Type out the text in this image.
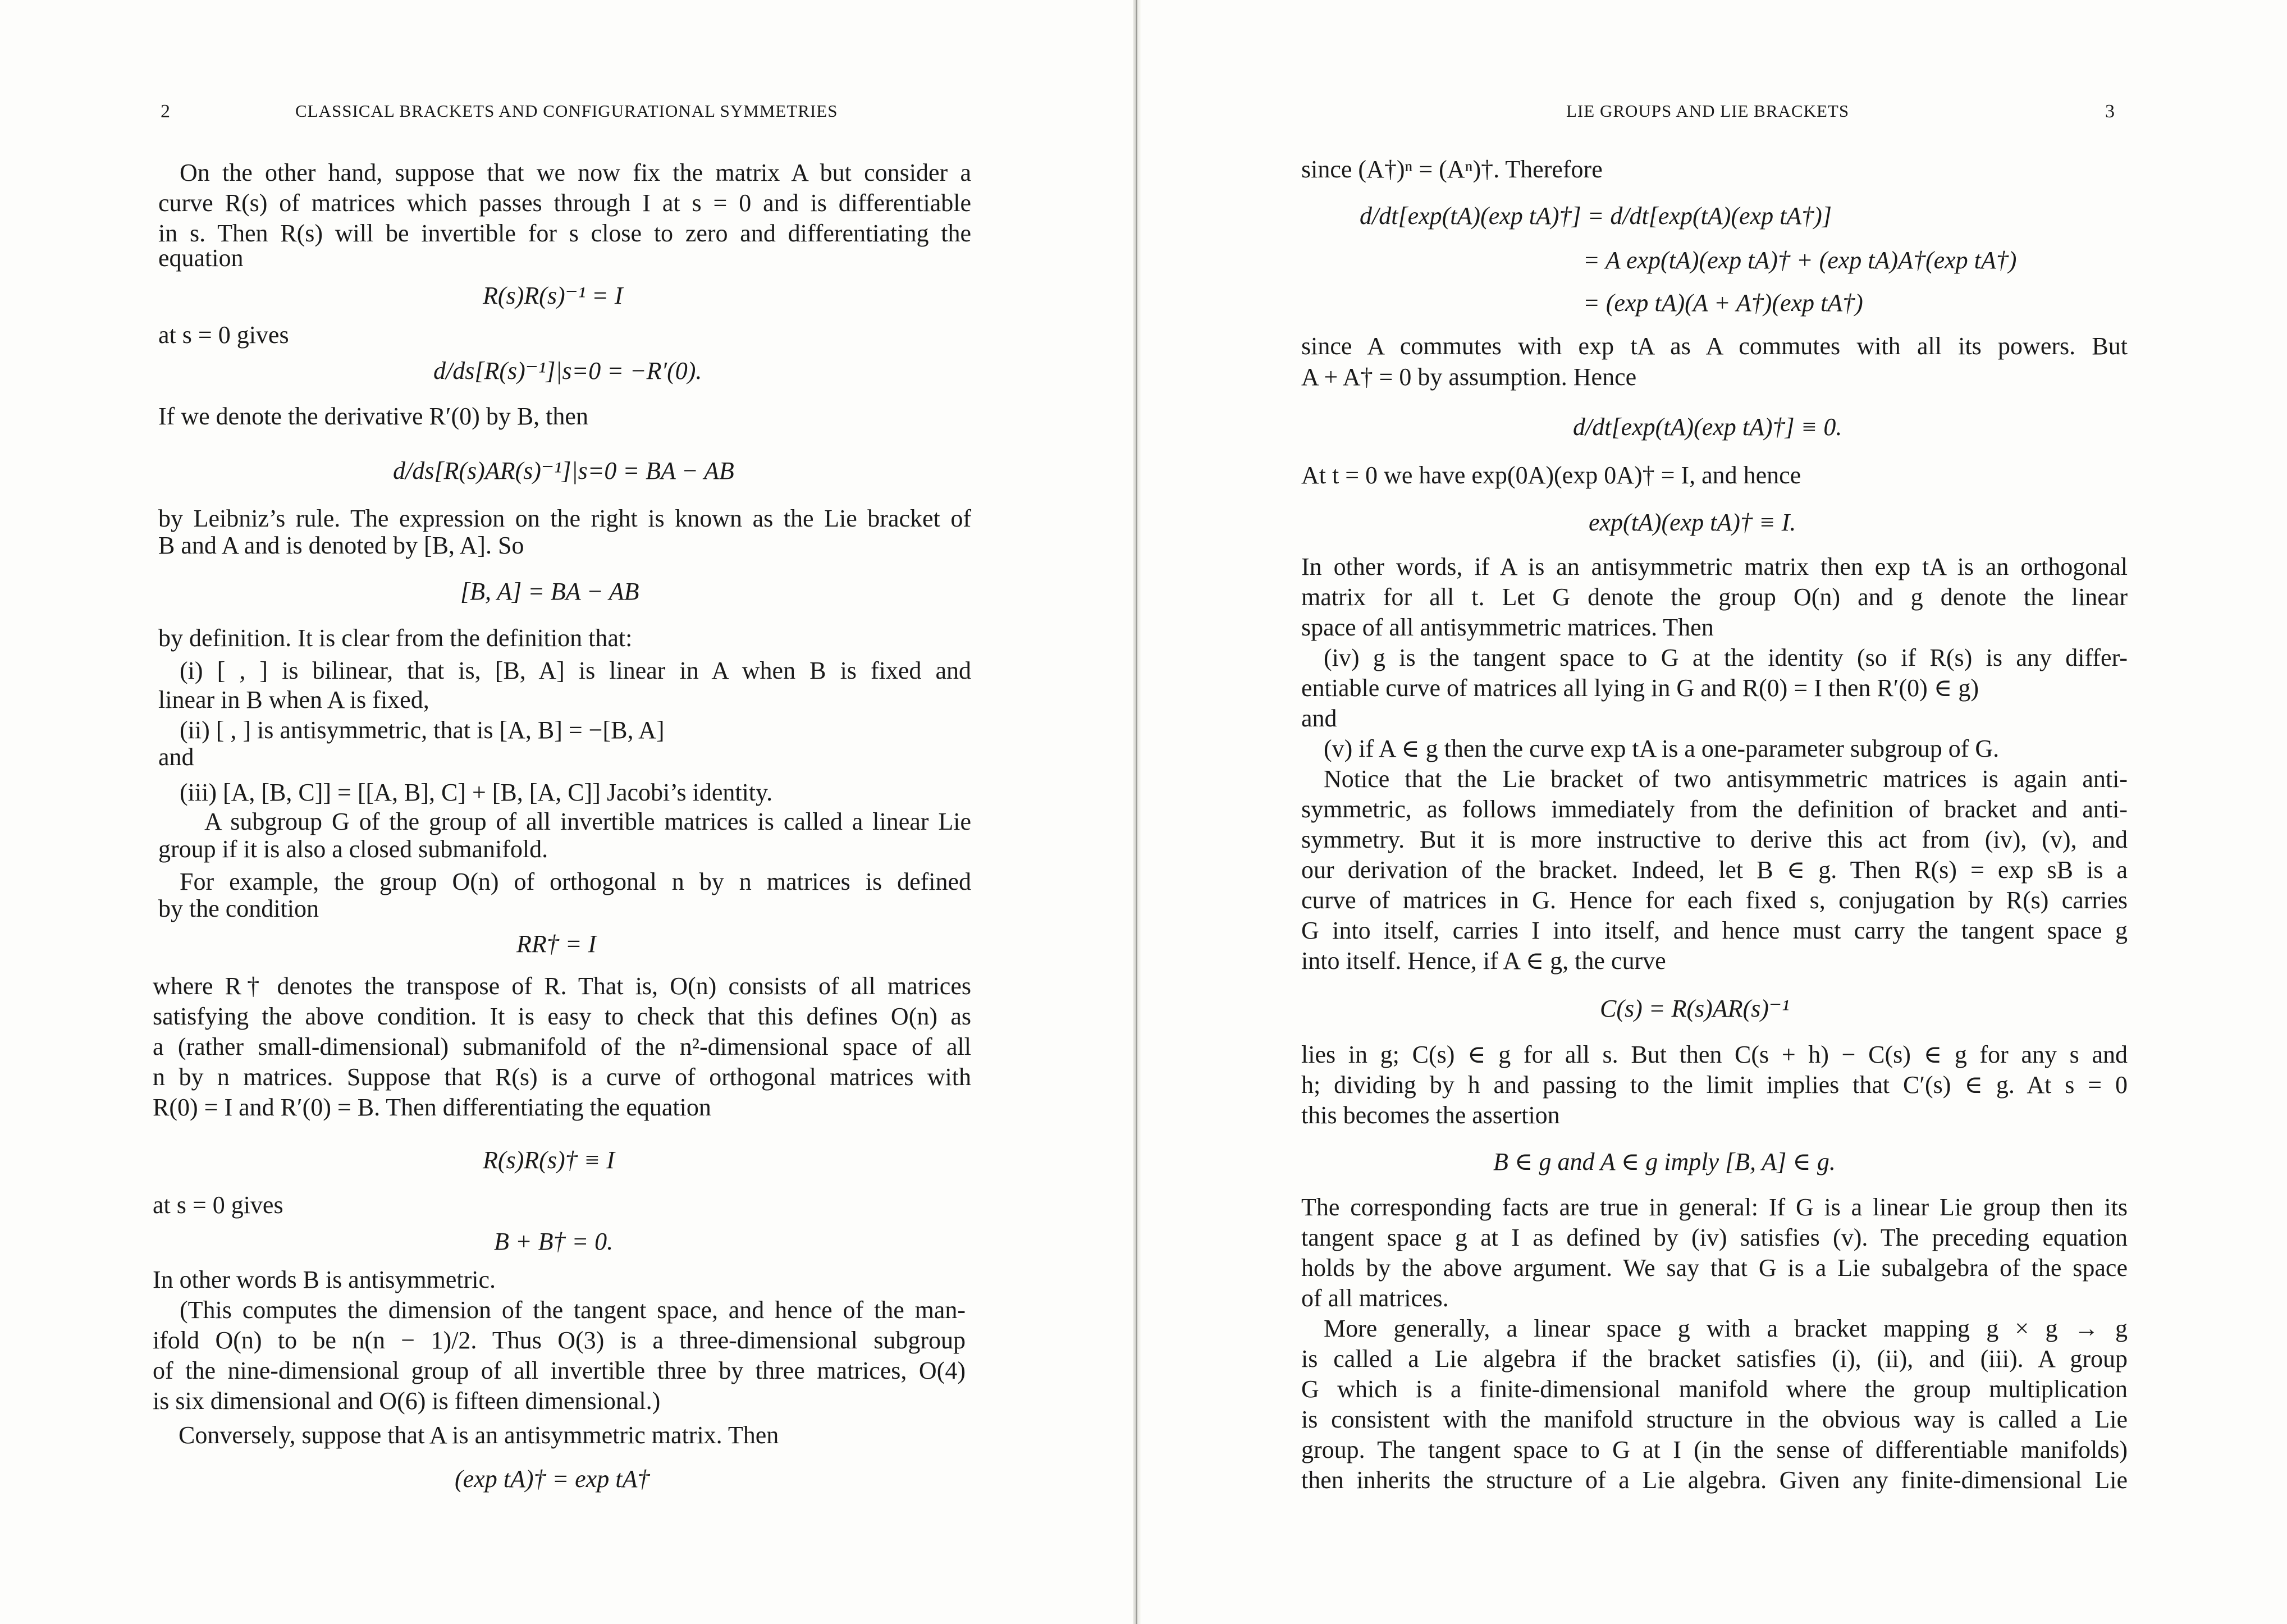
2	CLASSICAL BRACKETS AND CONFIGURATIONAL SYMMETRIES
On the other hand, suppose that we now fix the matrix A but consider a
curve R(s) of matrices which passes through I at s = 0 and is differentiable
in s. Then R(s) will be invertible for s close to zero and differentiating the
equation
R(s)R(s)⁻¹ = I
at s = 0 gives
d/ds[R(s)⁻¹]|s=0 = −R′(0).
If we denote the derivative R′(0) by B, then
d/ds[R(s)AR(s)⁻¹]|s=0 = BA − AB
by Leibniz’s rule. The expression on the right is known as the Lie bracket of
B and A and is denoted by [B, A]. So
[B, A] = BA − AB
by definition. It is clear from the definition that:
(i) [ , ] is bilinear, that is, [B, A] is linear in A when B is fixed and
linear in B when A is fixed,
(ii) [ , ] is antisymmetric, that is [A, B] = −[B, A]
and
(iii) [A, [B, C]] = [[A, B], C] + [B, [A, C]] Jacobi’s identity.
A subgroup G of the group of all invertible matrices is called a linear Lie
group if it is also a closed submanifold.
For example, the group O(n) of orthogonal n by n matrices is defined
by the condition
RR† = I
where R† denotes the transpose of R. That is, O(n) consists of all matrices
satisfying the above condition. It is easy to check that this defines O(n) as
a (rather small-dimensional) submanifold of the n²-dimensional space of all
n by n matrices. Suppose that R(s) is a curve of orthogonal matrices with
R(0) = I and R′(0) = B. Then differentiating the equation
R(s)R(s)† ≡ I
at s = 0 gives
B + B† = 0.
In other words B is antisymmetric.
(This computes the dimension of the tangent space, and hence of the man-
ifold O(n) to be n(n − 1)/2. Thus O(3) is a three-dimensional subgroup
of the nine-dimensional group of all invertible three by three matrices, O(4)
is six dimensional and O(6) is fifteen dimensional.)
Conversely, suppose that A is an antisymmetric matrix. Then
(exp tA)† = exp tA†
LIE GROUPS AND LIE BRACKETS	3
since (A†)ⁿ = (Aⁿ)†. Therefore
d/dt[exp(tA)(exp tA)†] = d/dt[exp(tA)(exp tA†)]
= A exp(tA)(exp tA)† + (exp tA)A†(exp tA†)
= (exp tA)(A + A†)(exp tA†)
since A commutes with exp tA as A commutes with all its powers. But
A + A† = 0 by assumption. Hence
d/dt[exp(tA)(exp tA)†] ≡ 0.
At t = 0 we have exp(0A)(exp 0A)† = I, and hence
exp(tA)(exp tA)† ≡ I.
In other words, if A is an antisymmetric matrix then exp tA is an orthogonal
matrix for all t. Let G denote the group O(n) and g denote the linear
space of all antisymmetric matrices. Then
(iv) g is the tangent space to G at the identity (so if R(s) is any differ-
entiable curve of matrices all lying in G and R(0) = I then R′(0) ∈ g)
and
(v) if A ∈ g then the curve exp tA is a one-parameter subgroup of G.
Notice that the Lie bracket of two antisymmetric matrices is again anti-
symmetric, as follows immediately from the definition of bracket and anti-
symmetry. But it is more instructive to derive this act from (iv), (v), and
our derivation of the bracket. Indeed, let B ∈ g. Then R(s) = exp sB is a
curve of matrices in G. Hence for each fixed s, conjugation by R(s) carries
G into itself, carries I into itself, and hence must carry the tangent space g
into itself. Hence, if A ∈ g, the curve
C(s) = R(s)AR(s)⁻¹
lies in g; C(s) ∈ g for all s. But then C(s + h) − C(s) ∈ g for any s and
h; dividing by h and passing to the limit implies that C′(s) ∈ g. At s = 0
this becomes the assertion
B ∈ g and A ∈ g imply [B, A] ∈ g.
The corresponding facts are true in general: If G is a linear Lie group then its
tangent space g at I as defined by (iv) satisfies (v). The preceding equation
holds by the above argument. We say that G is a Lie subalgebra of the space
of all matrices.
More generally, a linear space g with a bracket mapping g × g → g
is called a Lie algebra if the bracket satisfies (i), (ii), and (iii). A group
G which is a finite-dimensional manifold where the group multiplication
is consistent with the manifold structure in the obvious way is called a Lie
group. The tangent space to G at I (in the sense of differentiable manifolds)
then inherits the structure of a Lie algebra. Given any finite-dimensional Lie
